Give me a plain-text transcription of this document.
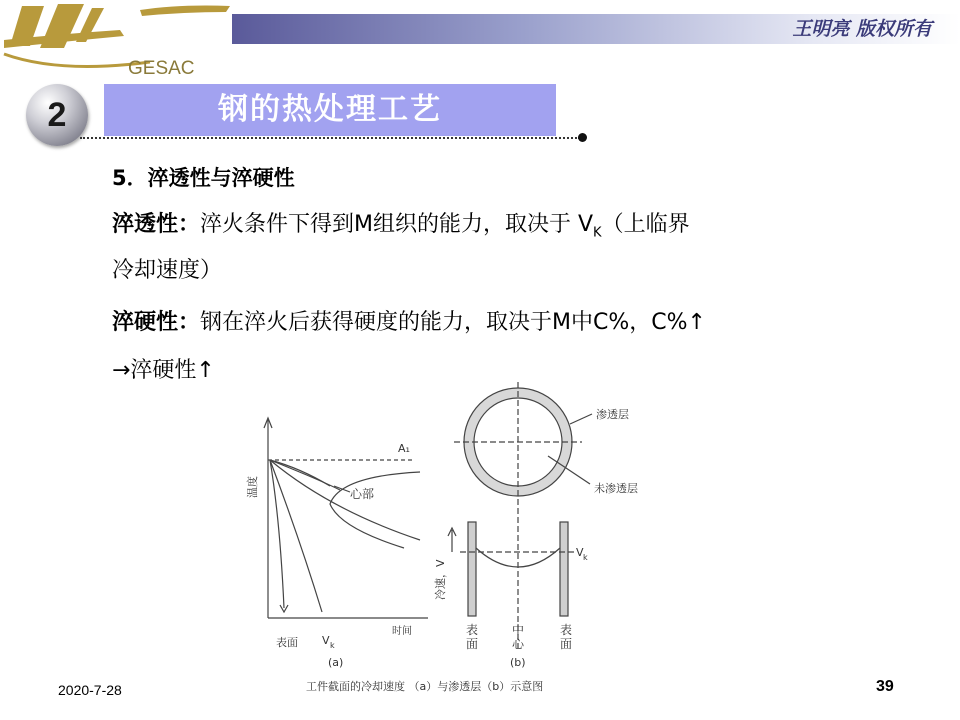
GESAC
王明亮 版权所有
2	钢的热处理工艺
5．淬透性与淬硬性
淬透性：淬火条件下得到M组织的能力，取决于 $V_K$（上临界
冷却速度）
淬硬性：钢在淬火后获得硬度的能力，取决于M中C%，C%↑
→淬硬性↑
温度
A₁
心部
表面 V k
时间
(a)
渗透层
未渗透层
冷速，V
V k
表
面
中
心
表
面
(b)
工件截面的冷却速度 （a）与渗透层（b）示意图
2020-7-28	39
